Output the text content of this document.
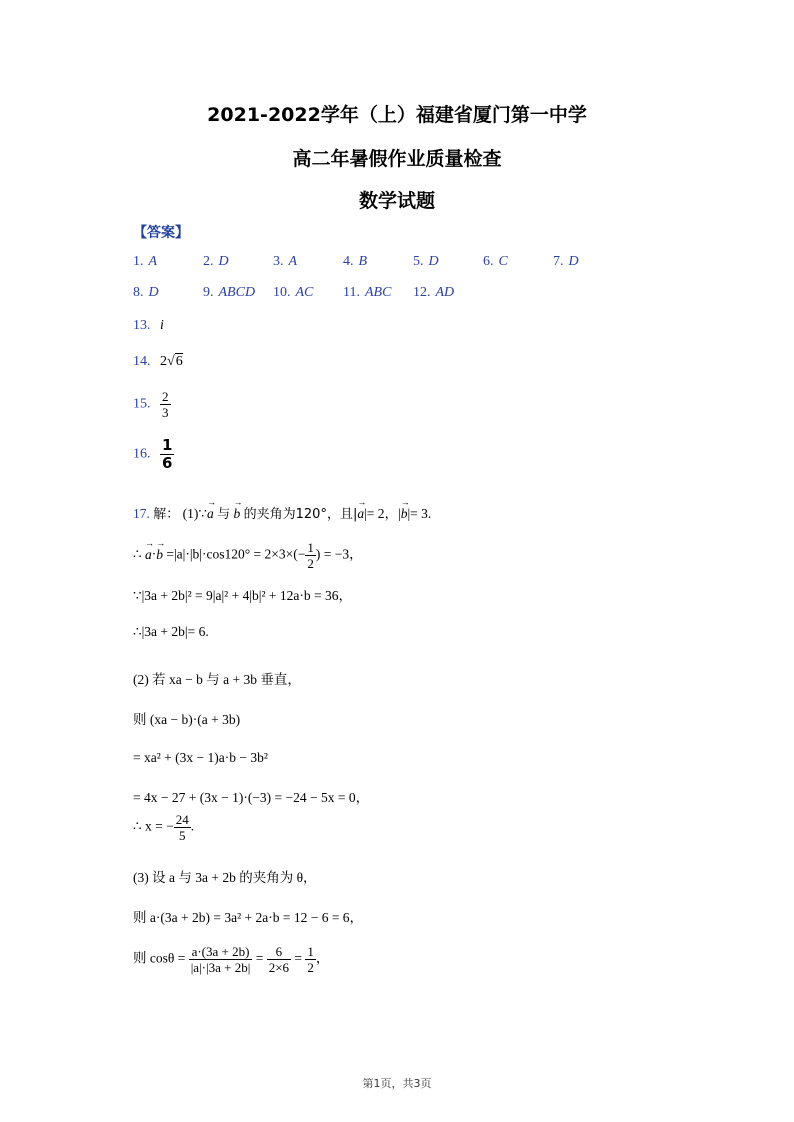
2021-2022学年（上）福建省厦门第一中学
高二年暑假作业质量检查
数学试题
【答案】
1. A	2. D	3. A	4. B	5. D	6. C	7. D
8. D	9. ABCD 10. AC 11. ABC 12. AD
13. i
14. 2√6
15. $\frac{2}{3}$
16. $\frac{1}{6}$
17. 解： (1)∵→ a 与 → b 的夹角为120°，且|→ a|= 2，|→ b|= 3.
∴ → $a\cdot\to b =|a|\cdot|b|\cdot\cos 120^\circ = 2\times 3\times(- \frac{1}{2}$ ) = −3，
∵|3a + 2b|² = 9|a|² + 4|b|² + 12a·b = 36，
∴|3a + 2b|= 6.
(2) 若 xa − b 与 a + 3b 垂直，
则 (xa − b)·(a + 3b)
= xa² + (3x − 1)a·b − 3b²
= 4x − 27 + (3x − 1)·(−3) = −24 − 5x = 0，
∴ x = − $\frac{24}{5}$ .
(3) 设 a 与 3a + 2b 的夹角为 θ，
则 a·(3a + 2b) = 3a² + 2a·b = 12 − 6 = 6，
则 $\cos\theta = \frac{a\cdot(3a + 2b)}{|a|\cdot|3a + 2b|} = \frac{6}{2\times 6} = \frac{1}{2}$ ，
第1页，共3页
